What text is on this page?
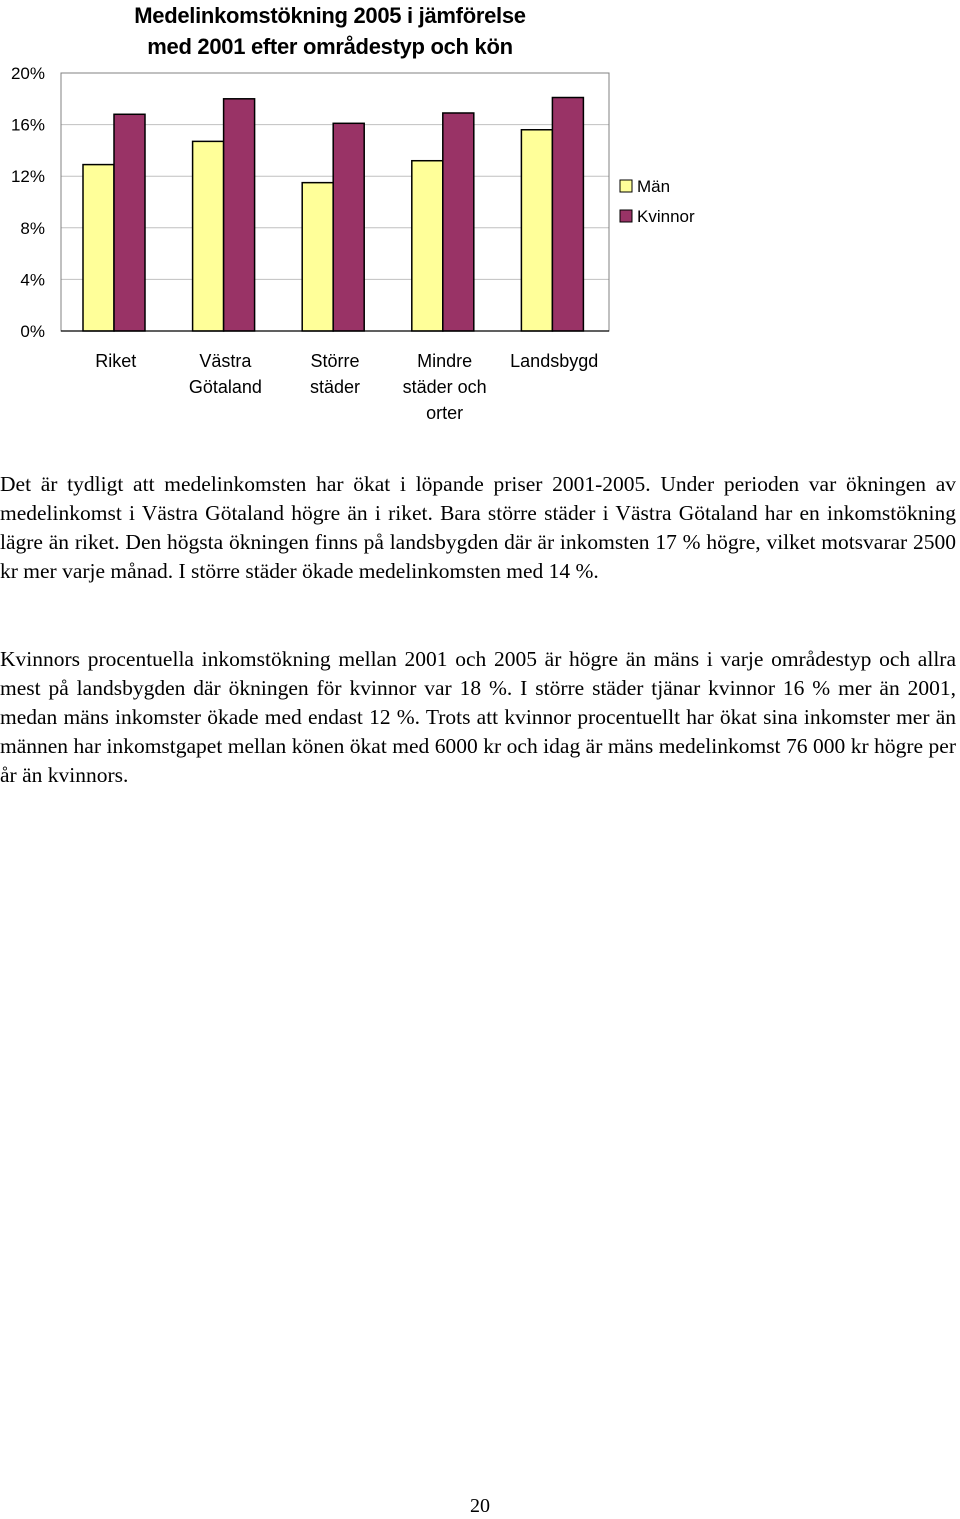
Medelinkomstökning 2005 i jämförelse
med 2001 efter områdestyp och kön
0%
4%
8%
12%
16%
20%
Riket	Västra
Götaland
Större
städer
Mindre
städer och
orter
Landsbygd
Män
Kvinnor
Det är tydligt att medelinkomsten har ökat i löpande priser 2001-2005. Under perioden var ökningen av medelinkomst i Västra Götaland högre än i riket. Bara större städer i Västra Götaland har en inkomstökning lägre än riket. Den högsta ökningen finns på landsbygden där är inkomsten 17 % högre, vilket motsvarar 2500 kr mer varje månad. I större städer ökade medelinkomsten med 14 %.
Kvinnors procentuella inkomstökning mellan 2001 och 2005 är högre än mäns i varje områdestyp och allra mest på landsbygden där ökningen för kvinnor var 18 %. I större städer tjänar kvinnor 16 % mer än 2001, medan mäns inkomster ökade med endast 12 %. Trots att kvinnor procentuellt har ökat sina inkomster mer än männen har inkomstgapet mellan könen ökat med 6000 kr och idag är mäns medelinkomst 76 000 kr högre per år än kvinnors.
20
